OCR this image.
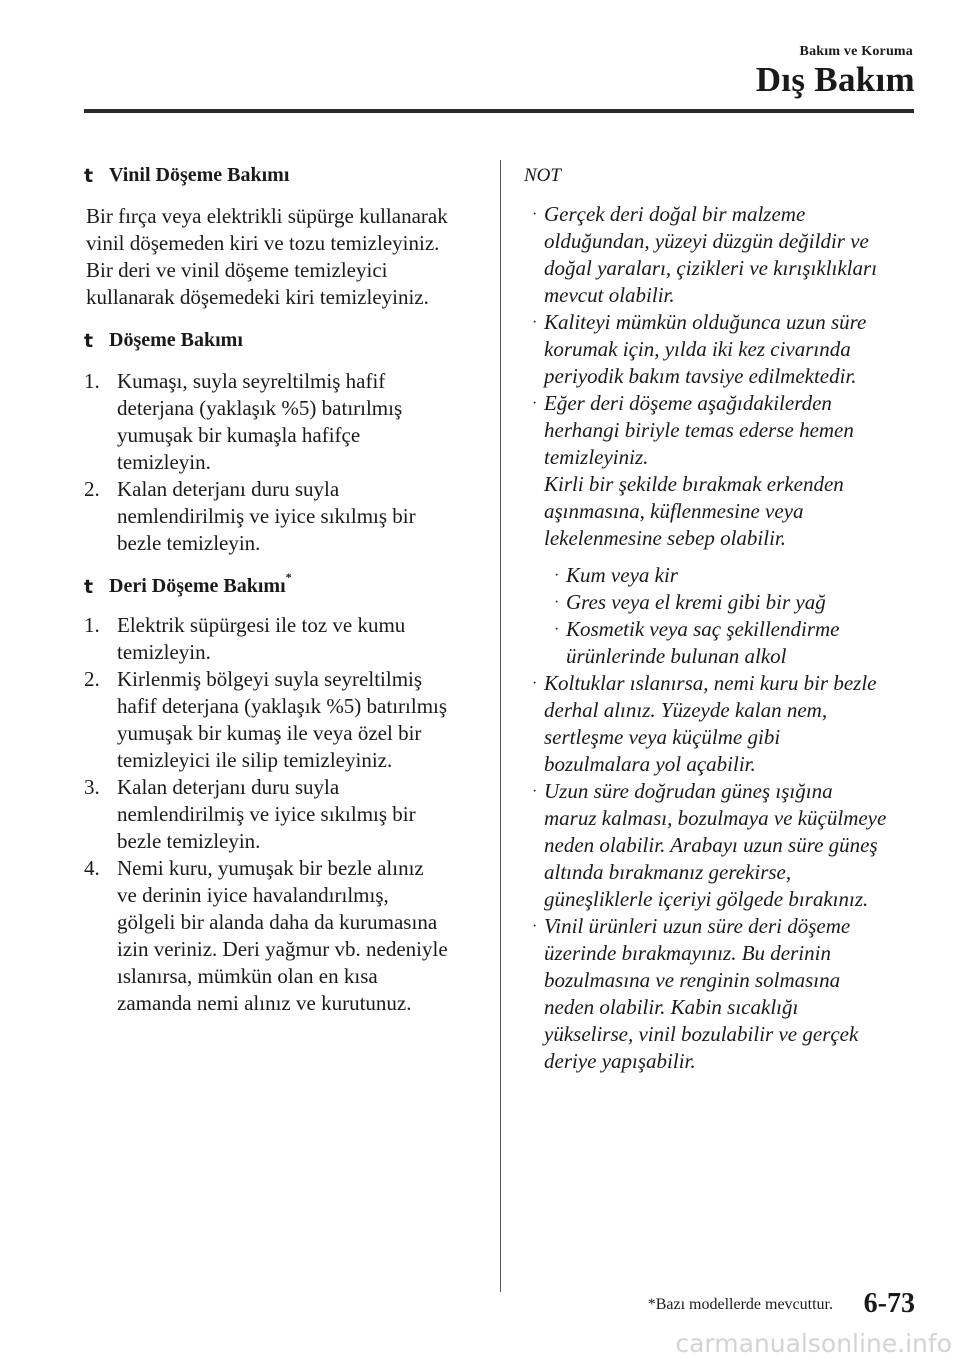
Bakım ve Koruma
Dış Bakım
t Vinil Döşeme Bakımı

Bir fırça veya elektrikli süpürge kullanarak
vinil döşemeden kiri ve tozu temizleyiniz.
Bir deri ve vinil döşeme temizleyici
kullanarak döşemedeki kiri temizleyiniz.

t Döşeme Bakımı
1. Kumaşı, suyla seyreltilmiş hafif
deterjana (yaklaşık %5) batırılmış
yumuşak bir kumaşla hafifçe
temizleyin.
2. Kalan deterjanı duru suyla
nemlendirilmiş ve iyice sıkılmış bir
bezle temizleyin.
t Deri Döşeme Bakımı*
1. Elektrik süpürgesi ile toz ve kumu
temizleyin.
2. Kirlenmiş bölgeyi suyla seyreltilmiş
hafif deterjana (yaklaşık %5) batırılmış
yumuşak bir kumaş ile veya özel bir
temizleyici ile silip temizleyiniz.
3. Kalan deterjanı duru suyla
nemlendirilmiş ve iyice sıkılmış bir
bezle temizleyin.
4. Nemi kuru, yumuşak bir bezle alınız
ve derinin iyice havalandırılmış,
gölgeli bir alanda daha da kurumasına
izin veriniz. Deri yağmur vb. nedeniyle
ıslanırsa, mümkün olan en kısa
zamanda nemi alınız ve kurutunuz.

NOT

· Gerçek deri doğal bir malzeme
olduğundan, yüzeyi düzgün değildir ve
doğal yaraları, çizikleri ve kırışıklıkları
mevcut olabilir.
· Kaliteyi mümkün olduğunca uzun süre
korumak için, yılda iki kez civarında
periyodik bakım tavsiye edilmektedir.
· Eğer deri döşeme aşağıdakilerden
herhangi biriyle temas ederse hemen
temizleyiniz.
Kirli bir şekilde bırakmak erkenden
aşınmasına, küflenmesine veya
lekelenmesine sebep olabilir.
· Kum veya kir
· Gres veya el kremi gibi bir yağ
· Kosmetik veya saç şekillendirme
ürünlerinde bulunan alkol
· Koltuklar ıslanırsa, nemi kuru bir bezle
derhal alınız. Yüzeyde kalan nem,
sertleşme veya küçülme gibi
bozulmalara yol açabilir.
· Uzun süre doğrudan güneş ışığına
maruz kalması, bozulmaya ve küçülmeye
neden olabilir. Arabayı uzun süre güneş
altında bırakmanız gerekirse,
güneşliklerle içeriyi gölgede bırakınız.
· Vinil ürünleri uzun süre deri döşeme
üzerinde bırakmayınız. Bu derinin
bozulmasına ve renginin solmasına
neden olabilir. Kabin sıcaklığı
yükselirse, vinil bozulabilir ve gerçek
deriye yapışabilir.
*Bazı modellerde mevcuttur. 6-73
carmanualsonline.info
